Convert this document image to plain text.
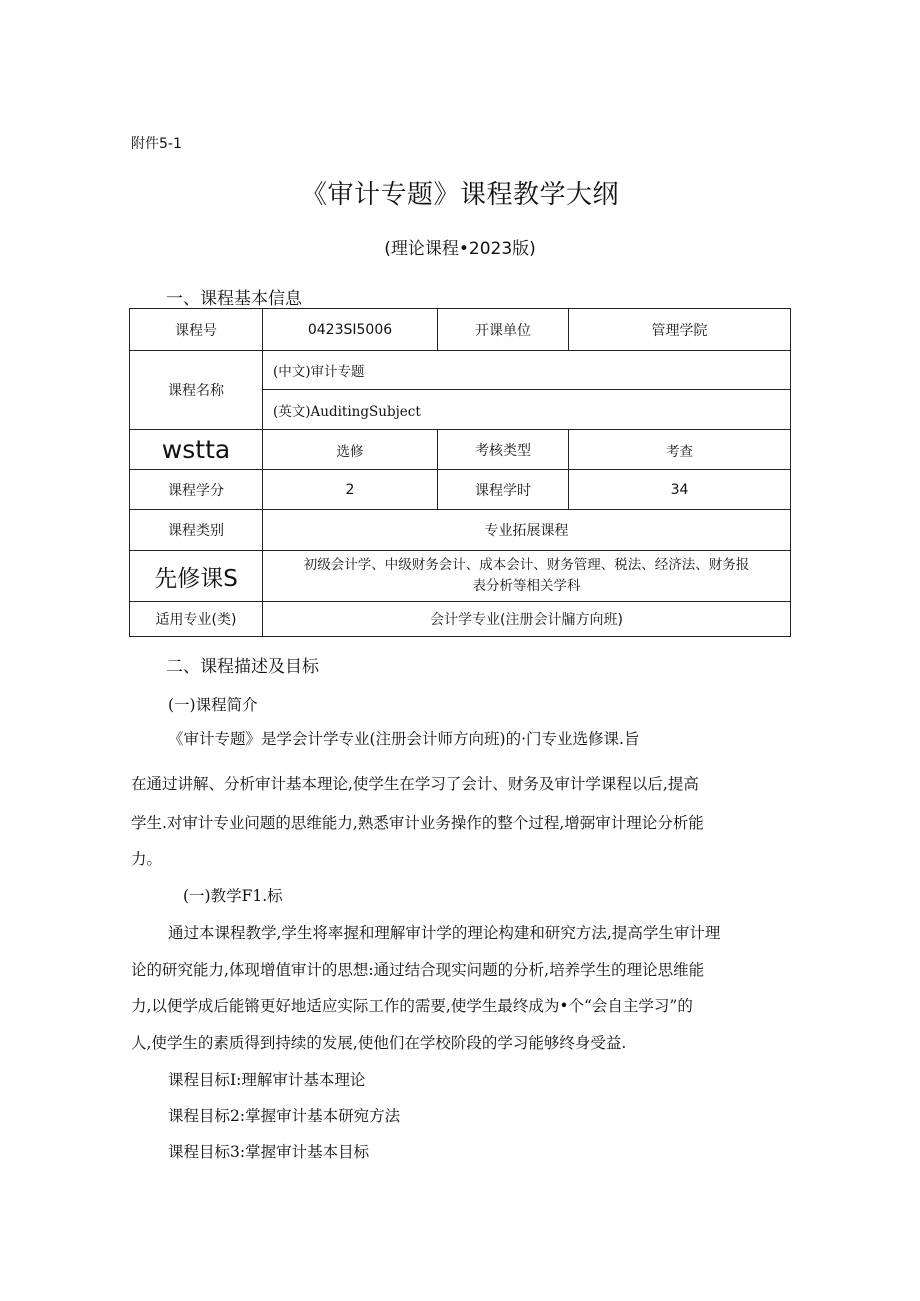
附件5-1
《审计专题》课程教学大纲
(理论课程•2023版)
一、课程基本信息
课程号	0423SI5006	开课单位	管理学院
课程名称	(中文)审计专题		
	(英文)AuditingSubject		
wstta	选修	考核类型	考查
课程学分	2	课程学时	34
课程类别	专业拓展课程		
先修课S	初级会计学、中级财务会计、成本会计、财务管理、税法、经济法、财务报
表分析等相关学科		

适用专业(类)	会计学专业(注册会计牖方向班)		
二、课程描述及目标
(一)课程简介
《审计专题》是学会计学专业(注册会计师方向班)的·门专业选修课.旨
在通过讲解、分析审计基本理论,使学生在学习了会计、财务及审计学课程以后,提高
学生.对审计专业问题的思维能力,熟悉审计业务操作的整个过程,增弼审计理论分析能
力。
(一)教学F1.标
通过本课程教学,学生将率握和理解审计学的理论构建和研究方法,提高学生审计理
论的研究能力,体现增值审计的思想:通过结合现实问题的分析,培养学生的理论思维能
力,以便学成后能锵更好地适应实际工作的需要,使学生最终成为•个“会自主学习”的
人,使学生的素质得到持续的发展,使他们在学校阶段的学习能够终身受益.
课程目标I:理解审计基本理论
课程目标2:掌握审计基本研宛方法
课程目标3:掌握审计基本目标
